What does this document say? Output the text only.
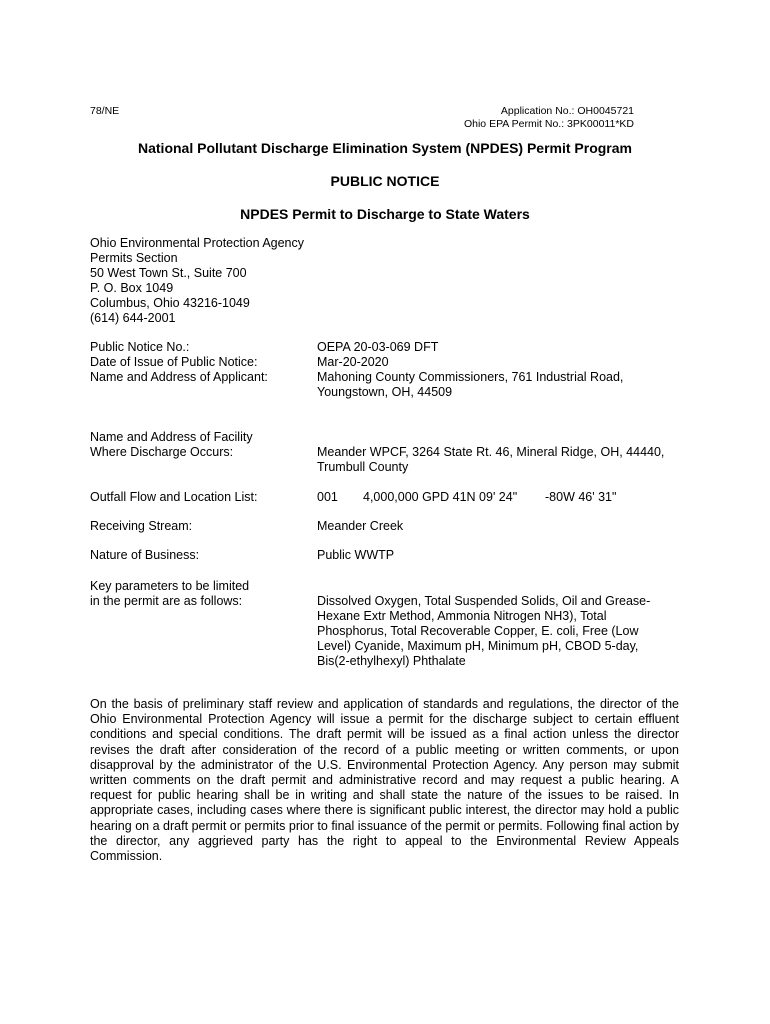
78/NE	Application No.: OH0045721
Ohio EPA Permit No.: 3PK00011*KD
National Pollutant Discharge Elimination System (NPDES) Permit Program
PUBLIC NOTICE
NPDES Permit to Discharge to State Waters
Ohio Environmental Protection Agency
Permits Section
50 West Town St., Suite 700
P. O. Box 1049
Columbus, Ohio 43216-1049
(614) 644-2001
Public Notice No.:	OEPA 20-03-069 DFT
Date of Issue of Public Notice:	Mar-20-2020
Name and Address of Applicant:	Mahoning County Commissioners, 761 Industrial Road, Youngstown, OH, 44509
Name and Address of Facility
Where Discharge Occurs:	Meander WPCF, 3264 State Rt. 46, Mineral Ridge, OH, 44440, Trumbull County
Outfall Flow and Location List:	001 4,000,000 GPD 41N 09' 24" -80W 46' 31"
Receiving Stream:	Meander Creek
Nature of Business:	Public WWTP
Key parameters to be limited
in the permit are as follows:	Dissolved Oxygen, Total Suspended Solids, Oil and Grease-Hexane Extr Method, Ammonia Nitrogen NH3), Total Phosphorus, Total Recoverable Copper, E. coli, Free (Low Level) Cyanide, Maximum pH, Minimum pH, CBOD 5-day, Bis(2-ethylhexyl) Phthalate
On the basis of preliminary staff review and application of standards and regulations, the director of the Ohio Environmental Protection Agency will issue a permit for the discharge subject to certain effluent conditions and special conditions. The draft permit will be issued as a final action unless the director revises the draft after consideration of the record of a public meeting or written comments, or upon disapproval by the administrator of the U.S. Environmental Protection Agency. Any person may submit written comments on the draft permit and administrative record and may request a public hearing. A request for public hearing shall be in writing and shall state the nature of the issues to be raised. In appropriate cases, including cases where there is significant public interest, the director may hold a public hearing on a draft permit or permits prior to final issuance of the permit or permits. Following final action by the director, any aggrieved party has the right to appeal to the Environmental Review Appeals Commission.
